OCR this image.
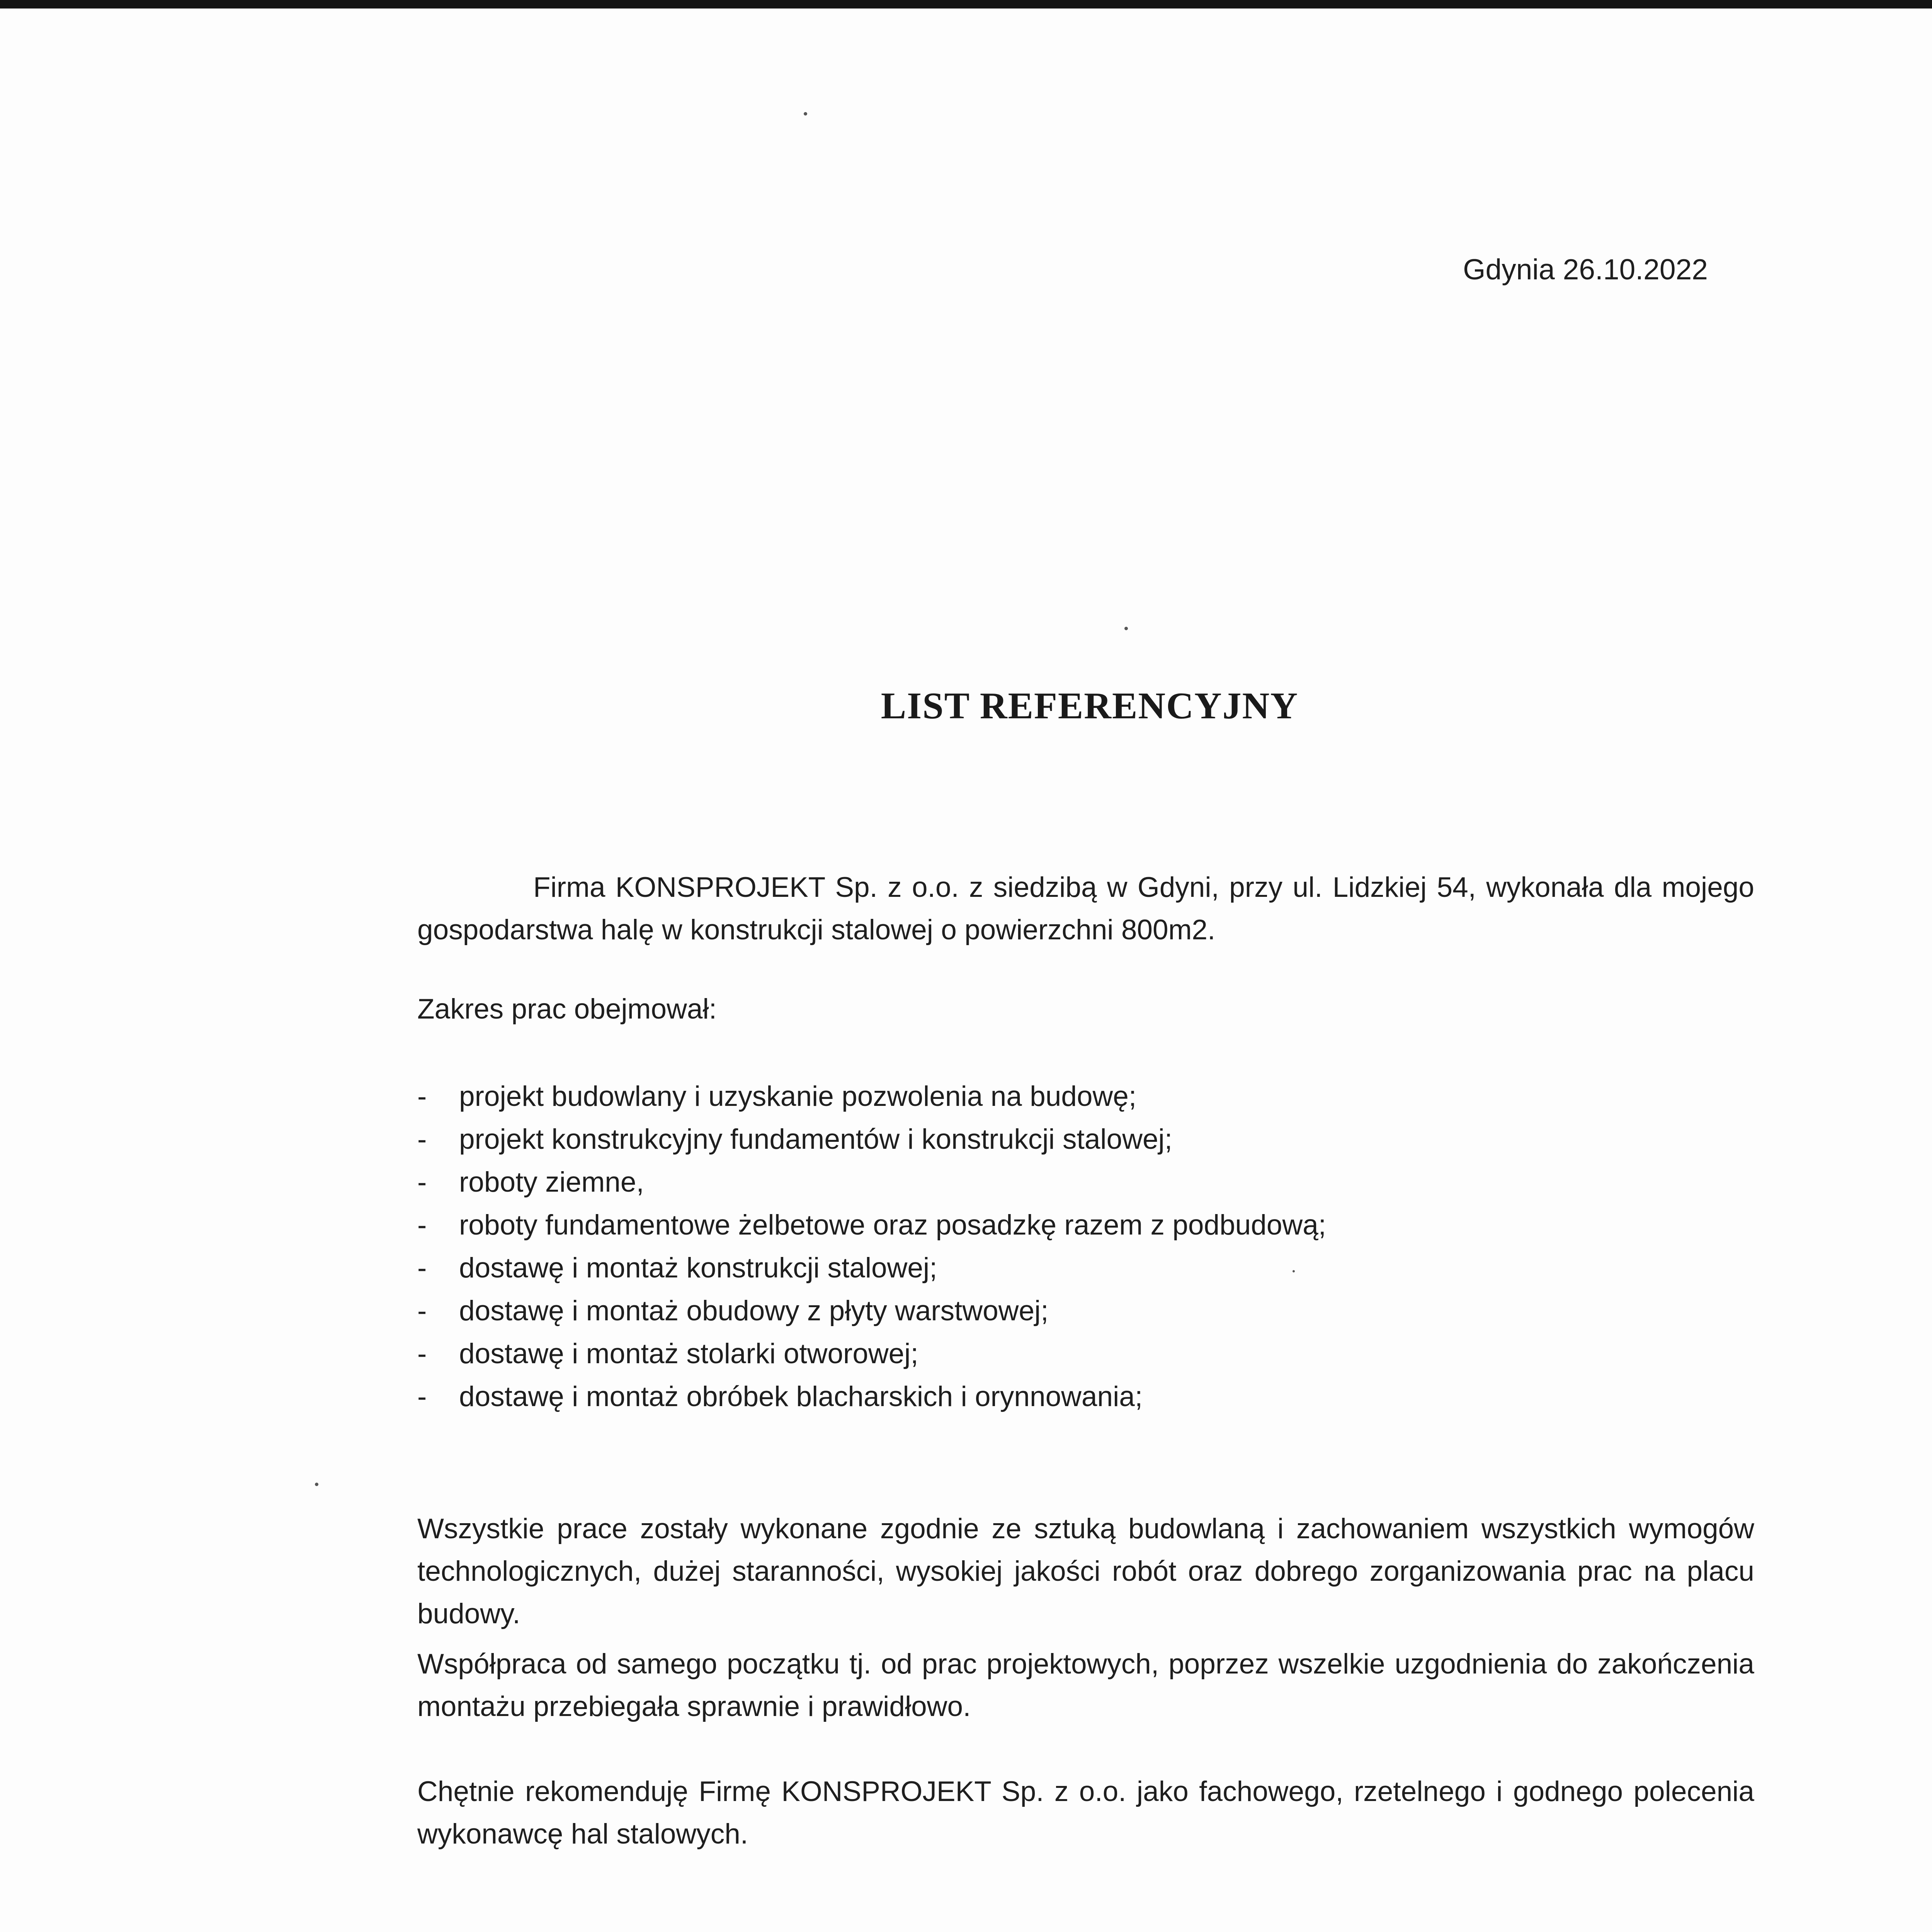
Gdynia 26.10.2022
LIST REFERENCYJNY

Firma KONSPROJEKT Sp. z o.o. z siedzibą w Gdyni, przy ul. Lidzkiej 54, wykonała dla mojego gospodarstwa halę w konstrukcji stalowej o powierzchni 800m2.

Zakres prac obejmował:

- projekt budowlany i uzyskanie pozwolenia na budowę;
- projekt konstrukcyjny fundamentów i konstrukcji stalowej;
- roboty ziemne,
- roboty fundamentowe żelbetowe oraz posadzkę razem z podbudową;
- dostawę i montaż konstrukcji stalowej;
- dostawę i montaż obudowy z płyty warstwowej;
- dostawę i montaż stolarki otworowej;
- dostawę i montaż obróbek blacharskich i orynnowania;

Wszystkie prace zostały wykonane zgodnie ze sztuką budowlaną i zachowaniem wszystkich wymogów technologicznych, dużej staranności, wysokiej jakości robót oraz dobrego zorganizowania prac na placu budowy.

Współpraca od samego początku tj. od prac projektowych, poprzez wszelkie uzgodnienia do zakończenia montażu przebiegała sprawnie i prawidłowo.

Chętnie rekomenduję Firmę KONSPROJEKT Sp. z o.o. jako fachowego, rzetelnego i godnego polecenia wykonawcę hal stalowych.
